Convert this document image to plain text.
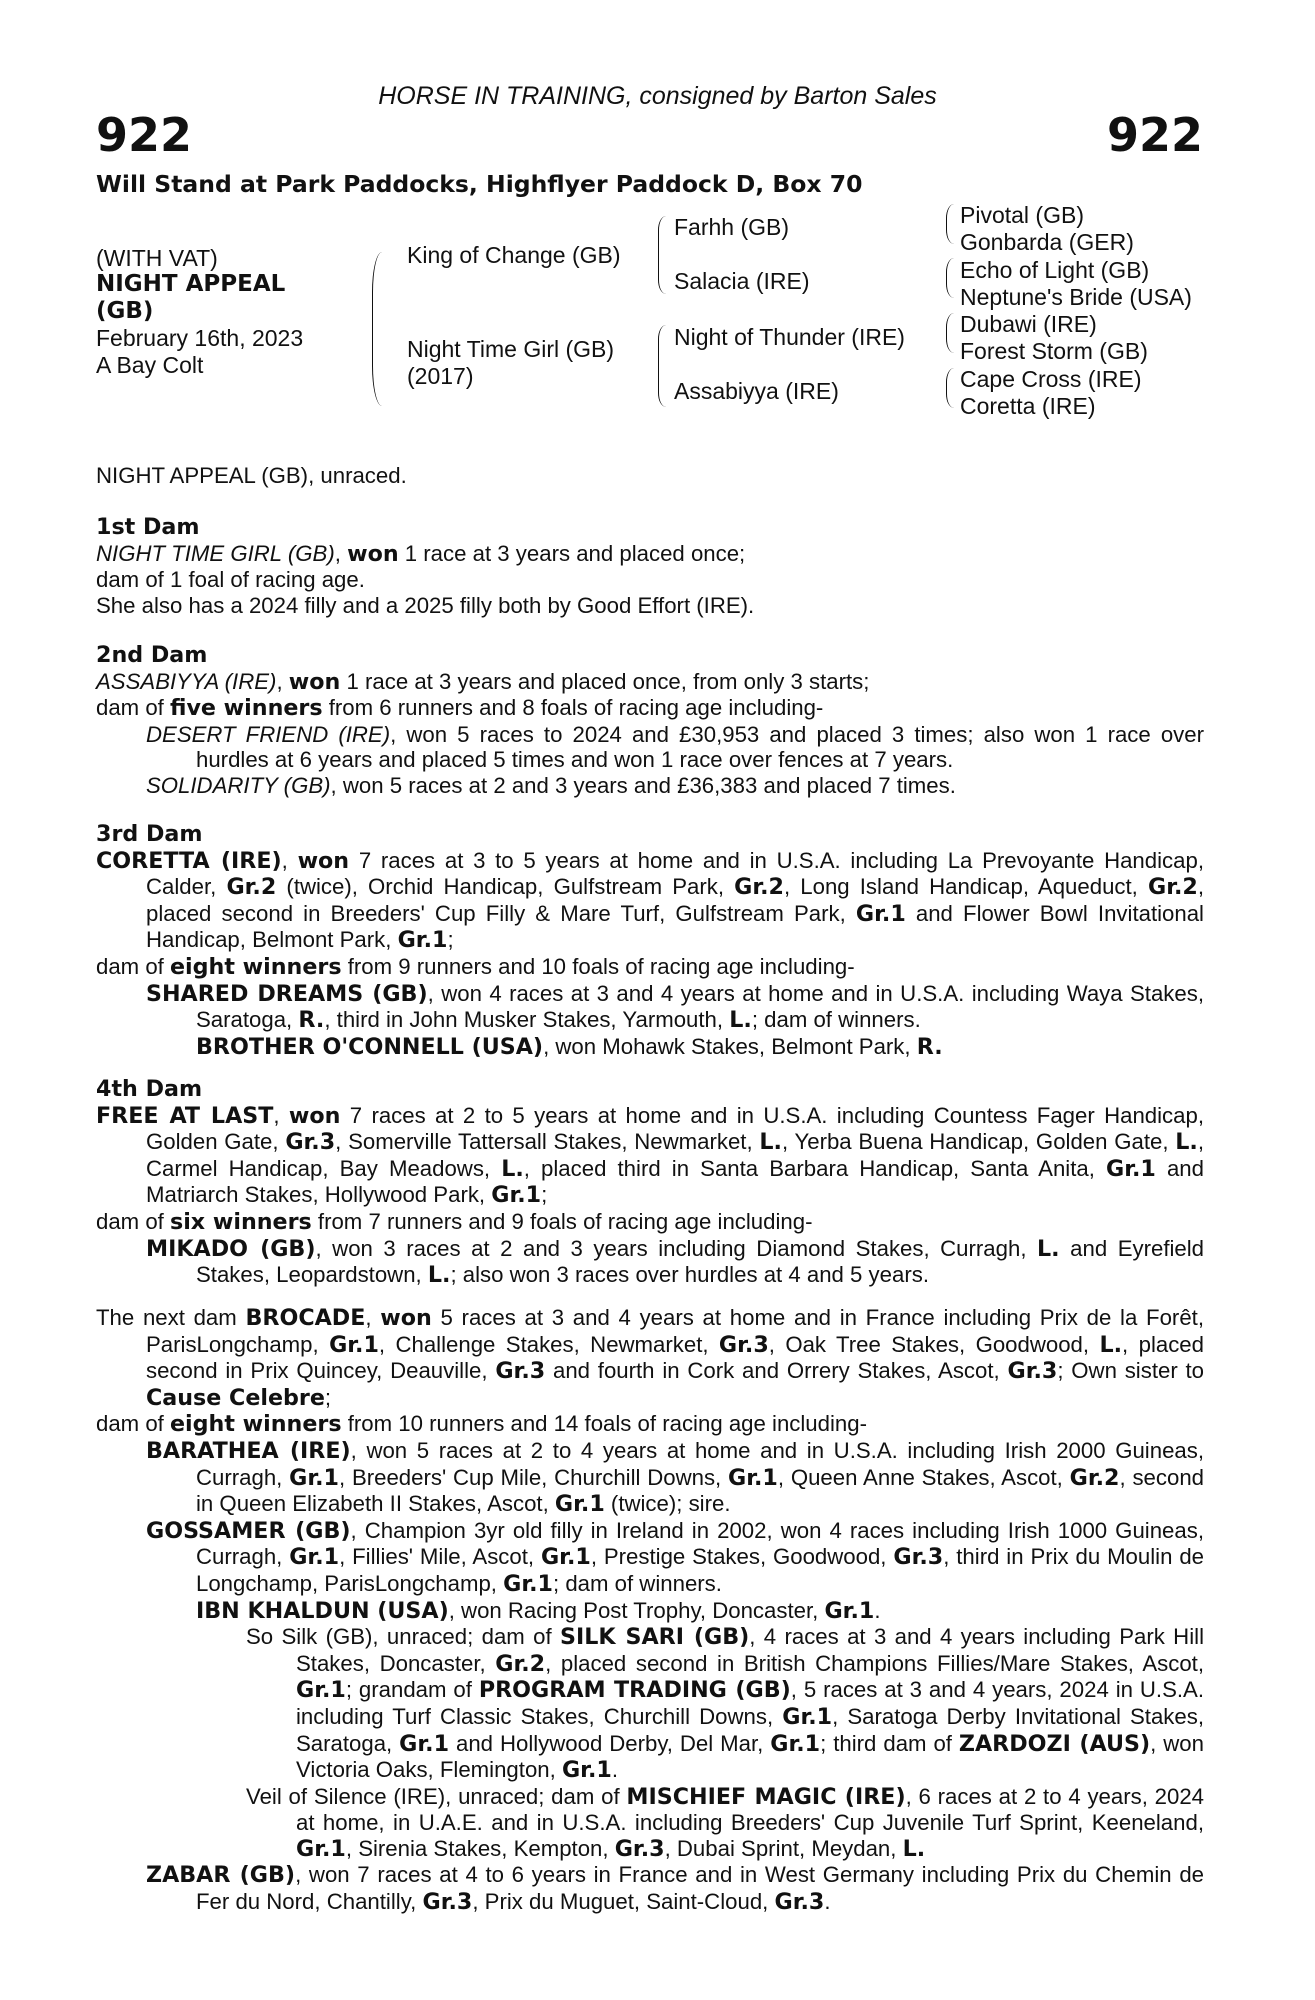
HORSE IN TRAINING, consigned by Barton Sales
922	922
Will Stand at Park Paddocks, Highflyer Paddock D, Box 70
(WITH VAT)
NIGHT APPEAL
(GB)
February 16th, 2023
A Bay Colt
King of Change (GB)
Night Time Girl (GB)
(2017)
Farhh (GB)
Salacia (IRE)
Night of Thunder (IRE)
Assabiyya (IRE)
Pivotal (GB)
Gonbarda (GER)
Echo of Light (GB)
Neptune's Bride (USA)
Dubawi (IRE)
Forest Storm (GB)
Cape Cross (IRE)
Coretta (IRE)

NIGHT APPEAL (GB), unraced.

1st Dam

NIGHT TIME GIRL (GB), won 1 race at 3 years and placed once;

dam of 1 foal of racing age.

She also has a 2024 filly and a 2025 filly both by Good Effort (IRE).

2nd Dam

ASSABIYYA (IRE), won 1 race at 3 years and placed once, from only 3 starts;

dam of five winners from 6 runners and 8 foals of racing age including-

DESERT FRIEND (IRE), won 5 races to 2024 and £30,953 and placed 3 times; also won 1 race over hurdles at 6 years and placed 5 times and won 1 race over fences at 7 years.

SOLIDARITY (GB), won 5 races at 2 and 3 years and £36,383 and placed 7 times.

3rd Dam

CORETTA (IRE), won 7 races at 3 to 5 years at home and in U.S.A. including La Prevoyante Handicap, Calder, Gr.2 (twice), Orchid Handicap, Gulfstream Park, Gr.2, Long Island Handicap, Aqueduct, Gr.2, placed second in Breeders' Cup Filly & Mare Turf, Gulfstream Park, Gr.1 and Flower Bowl Invitational Handicap, Belmont Park, Gr.1;

dam of eight winners from 9 runners and 10 foals of racing age including-

SHARED DREAMS (GB), won 4 races at 3 and 4 years at home and in U.S.A. including Waya Stakes, Saratoga, R., third in John Musker Stakes, Yarmouth, L.; dam of winners.

BROTHER O'CONNELL (USA), won Mohawk Stakes, Belmont Park, R.

4th Dam

FREE AT LAST, won 7 races at 2 to 5 years at home and in U.S.A. including Countess Fager Handicap, Golden Gate, Gr.3, Somerville Tattersall Stakes, Newmarket, L., Yerba Buena Handicap, Golden Gate, L., Carmel Handicap, Bay Meadows, L., placed third in Santa Barbara Handicap, Santa Anita, Gr.1 and Matriarch Stakes, Hollywood Park, Gr.1;

dam of six winners from 7 runners and 9 foals of racing age including-

MIKADO (GB), won 3 races at 2 and 3 years including Diamond Stakes, Curragh, L. and Eyrefield Stakes, Leopardstown, L.; also won 3 races over hurdles at 4 and 5 years.

The next dam BROCADE, won 5 races at 3 and 4 years at home and in France including Prix de la Forêt, ParisLongchamp, Gr.1, Challenge Stakes, Newmarket, Gr.3, Oak Tree Stakes, Goodwood, L., placed second in Prix Quincey, Deauville, Gr.3 and fourth in Cork and Orrery Stakes, Ascot, Gr.3; Own sister to Cause Celebre;

dam of eight winners from 10 runners and 14 foals of racing age including-

BARATHEA (IRE), won 5 races at 2 to 4 years at home and in U.S.A. including Irish 2000 Guineas, Curragh, Gr.1, Breeders' Cup Mile, Churchill Downs, Gr.1, Queen Anne Stakes, Ascot, Gr.2, second in Queen Elizabeth II Stakes, Ascot, Gr.1 (twice); sire.

GOSSAMER (GB), Champion 3yr old filly in Ireland in 2002, won 4 races including Irish 1000 Guineas, Curragh, Gr.1, Fillies' Mile, Ascot, Gr.1, Prestige Stakes, Goodwood, Gr.3, third in Prix du Moulin de Longchamp, ParisLongchamp, Gr.1; dam of winners.

IBN KHALDUN (USA), won Racing Post Trophy, Doncaster, Gr.1.

So Silk (GB), unraced; dam of SILK SARI (GB), 4 races at 3 and 4 years including Park Hill Stakes, Doncaster, Gr.2, placed second in British Champions Fillies/Mare Stakes, Ascot, Gr.1; grandam of PROGRAM TRADING (GB), 5 races at 3 and 4 years, 2024 in U.S.A. including Turf Classic Stakes, Churchill Downs, Gr.1, Saratoga Derby Invitational Stakes, Saratoga, Gr.1 and Hollywood Derby, Del Mar, Gr.1; third dam of ZARDOZI (AUS), won Victoria Oaks, Flemington, Gr.1.

Veil of Silence (IRE), unraced; dam of MISCHIEF MAGIC (IRE), 6 races at 2 to 4 years, 2024 at home, in U.A.E. and in U.S.A. including Breeders' Cup Juvenile Turf Sprint, Keeneland, Gr.1, Sirenia Stakes, Kempton, Gr.3, Dubai Sprint, Meydan, L.

ZABAR (GB), won 7 races at 4 to 6 years in France and in West Germany including Prix du Chemin de Fer du Nord, Chantilly, Gr.3, Prix du Muguet, Saint-Cloud, Gr.3.
